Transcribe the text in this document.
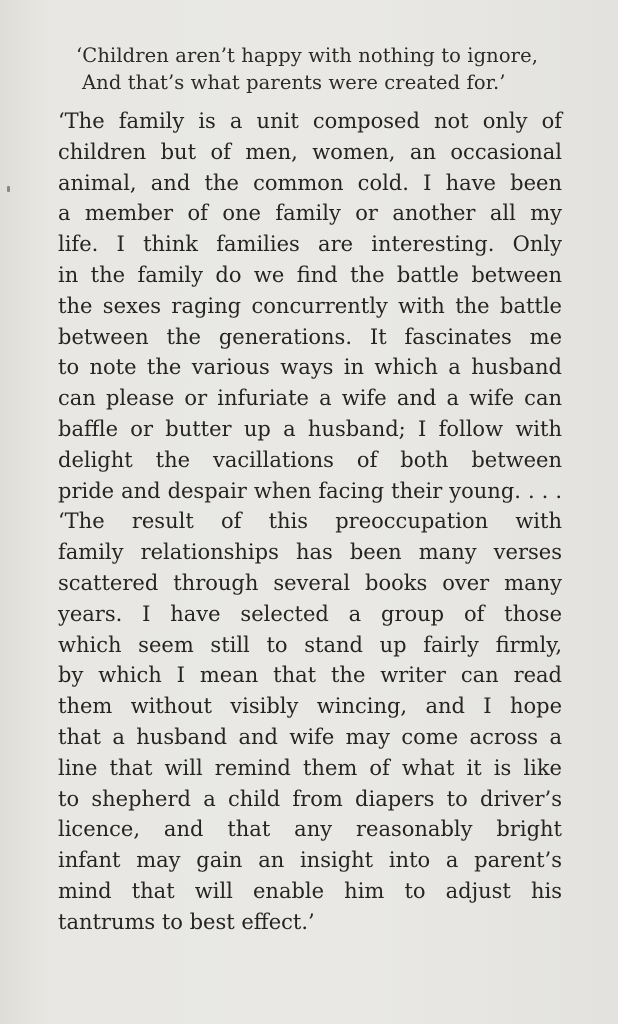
‘Children aren’t happy with nothing to ignore,
And that’s what parents were created for.’
‘The family is a unit composed not only of
children but of men, women, an occasional
animal, and the common cold. I have been
a member of one family or another all my
life. I think families are interesting. Only
in the family do we find the battle between
the sexes raging concurrently with the battle
between the generations. It fascinates me
to note the various ways in which a husband
can please or infuriate a wife and a wife can
baffle or butter up a husband; I follow with
delight the vacillations of both between
pride and despair when facing their young. . . .
‘The result of this preoccupation with
family relationships has been many verses
scattered through several books over many
years. I have selected a group of those
which seem still to stand up fairly firmly,
by which I mean that the writer can read
them without visibly wincing, and I hope
that a husband and wife may come across a
line that will remind them of what it is like
to shepherd a child from diapers to driver’s
licence, and that any reasonably bright
infant may gain an insight into a parent’s
mind that will enable him to adjust his
tantrums to best effect.’
